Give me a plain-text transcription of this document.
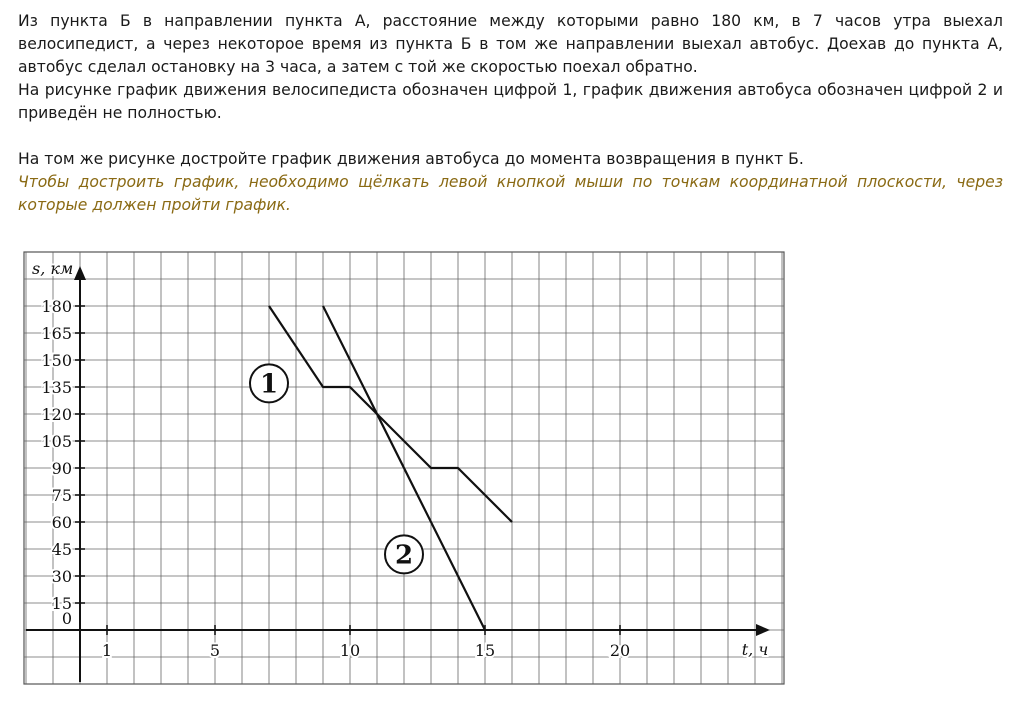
Из пункта Б в направлении пункта А, расстояние между которыми равно 180 км, в 7 часов утра выехал велосипедист, а через некоторое время из пункта Б в том же направлении выехал автобус. Доехав до пункта А, автобус сделал остановку на 3 часа, а затем с той же скоростью поехал обратно.

На рисунке график движения велосипедиста обозначен цифрой 1, график движения автобуса обозначен цифрой 2 и приведён не полностью.

На том же рисунке достройте график движения автобуса до момента возвращения в пункт Б.

Чтобы достроить график, необходимо щёлкать левой кнопкой мыши по точкам координатной плоскости, через которые должен пройти график.

s, км
t, ч
0
15
30
45
60
75
90
105
120
135
150
165
180
1	5	10	15	20
1
2
